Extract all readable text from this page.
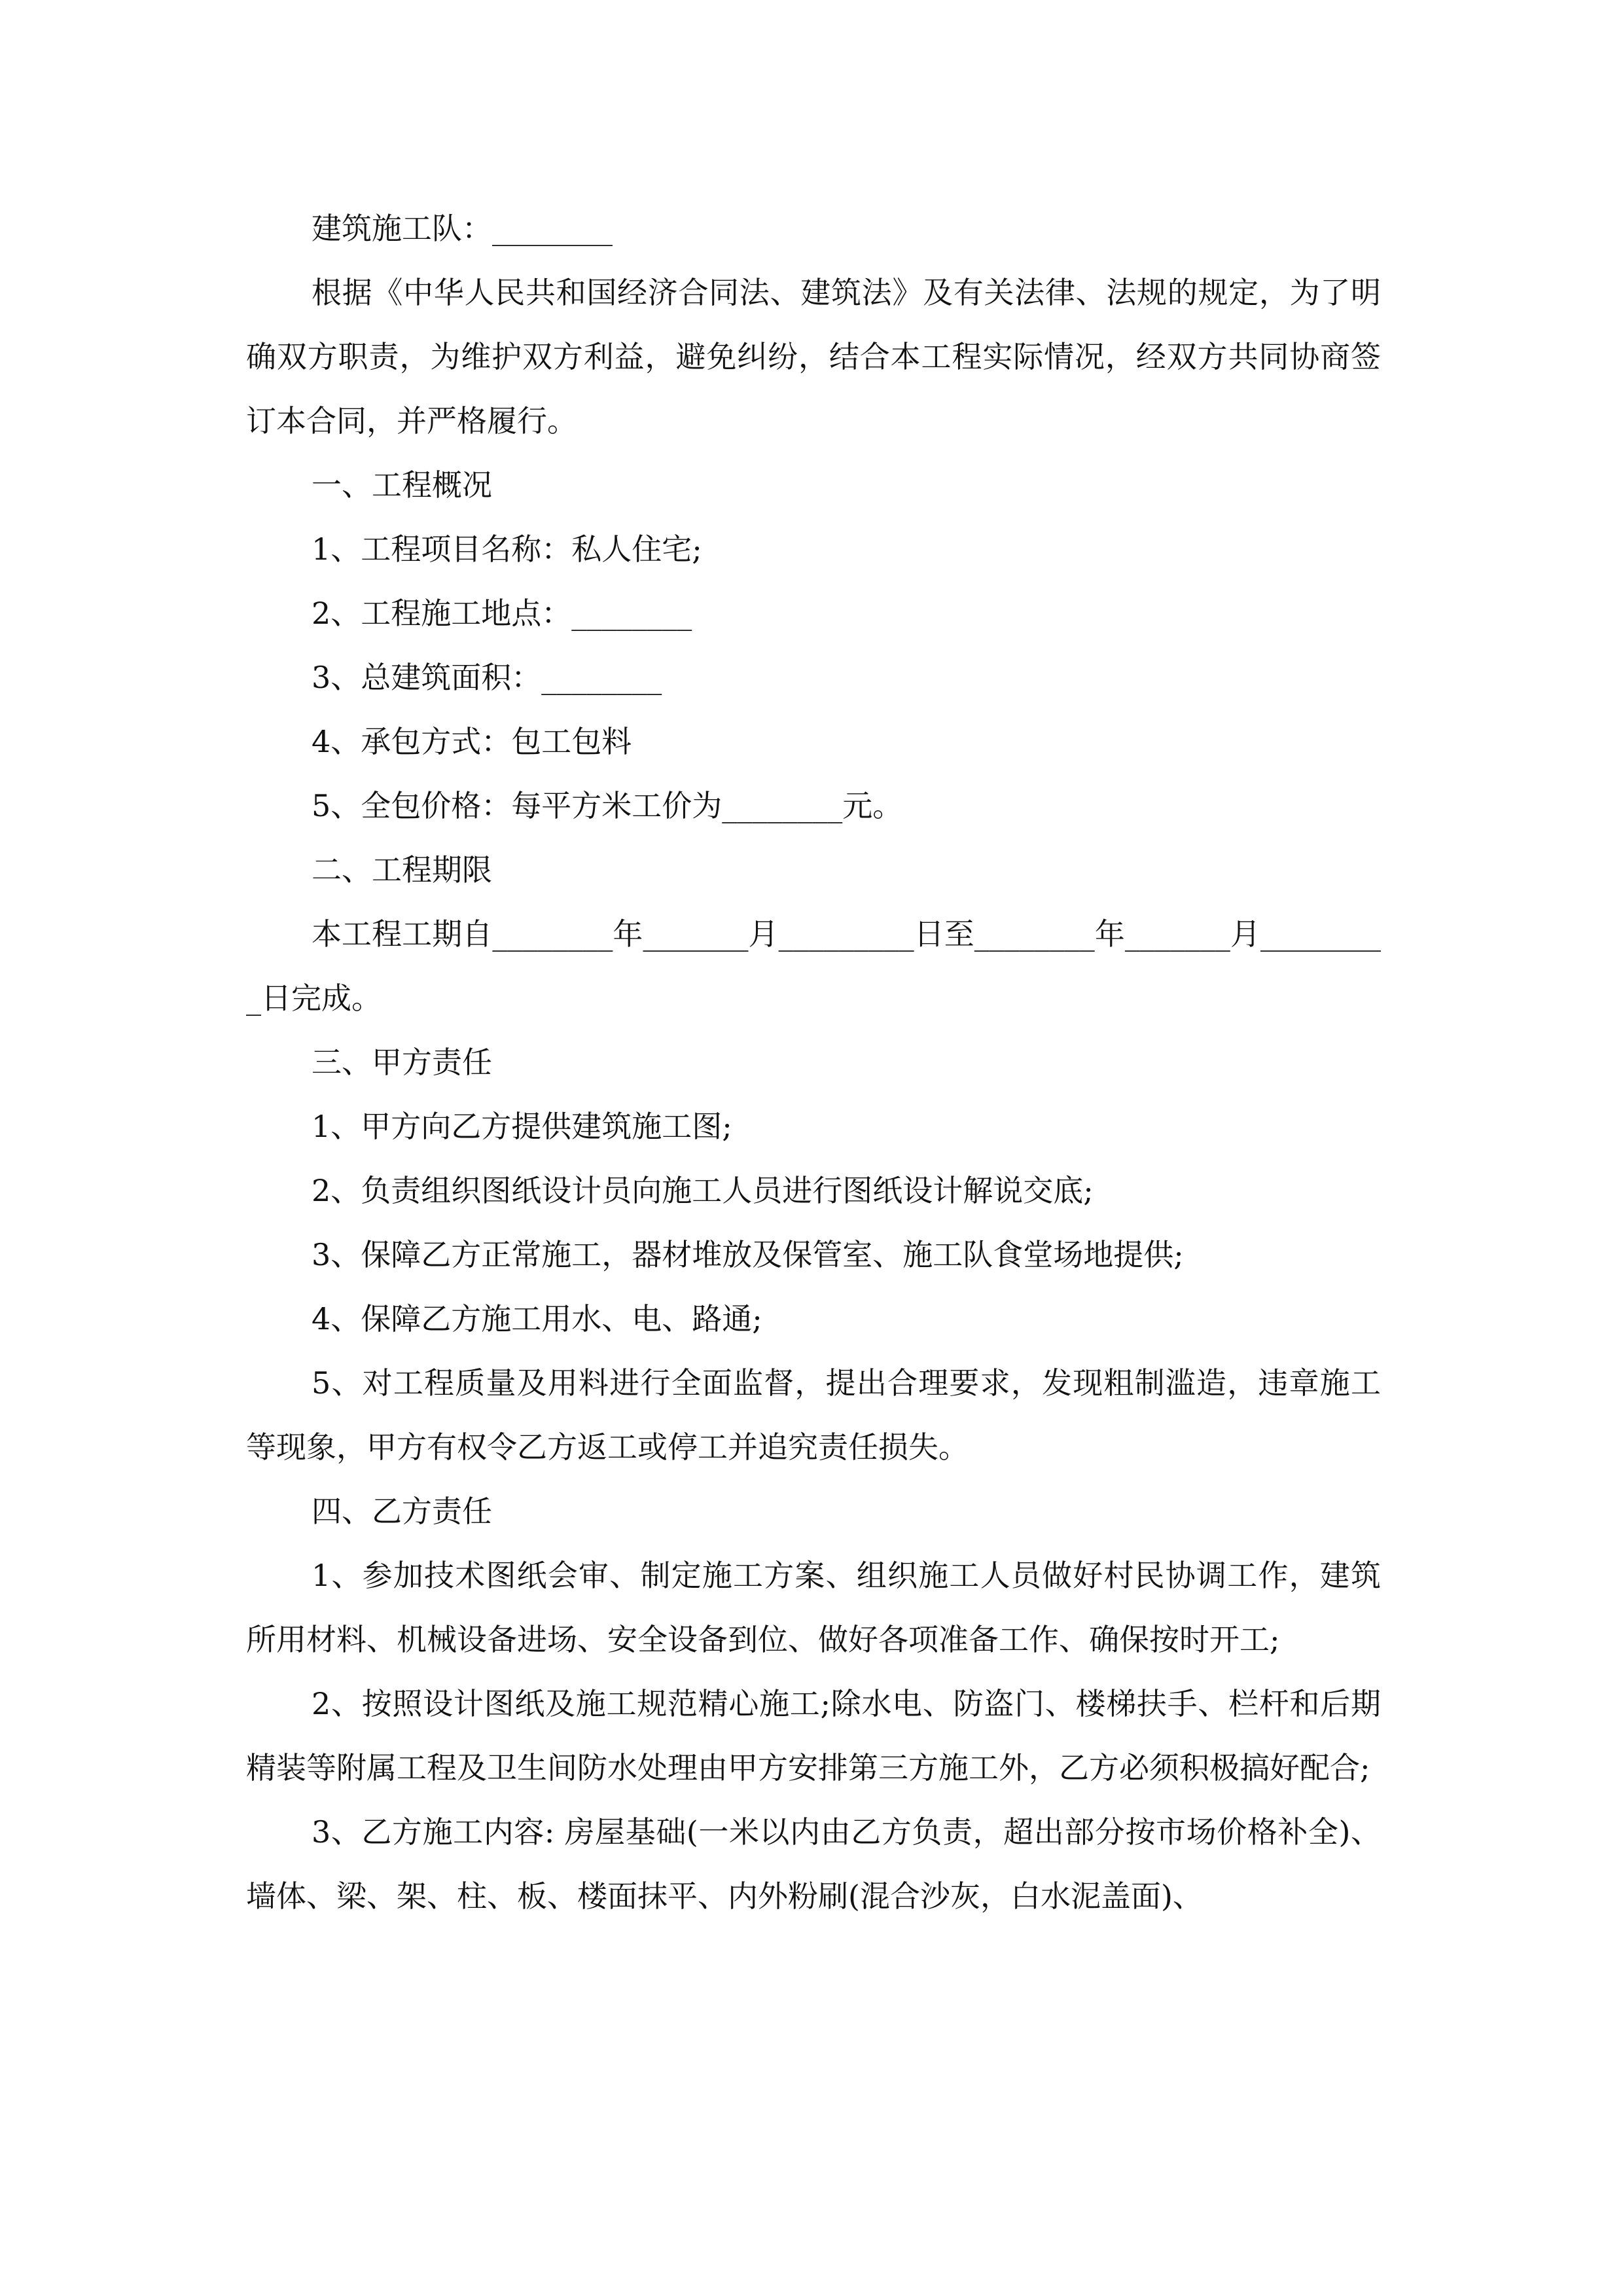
建筑施工队：________

根据《中华人民共和国经济合同法、建筑法》及有关法律、法规的规定，为了明确双方职责，为维护双方利益，避免纠纷，结合本工程实际情况，经双方共同协商签订本合同，并严格履行。

一、工程概况

1、工程项目名称：私人住宅;

2、工程施工地点：________

3、总建筑面积：________

4、承包方式：包工包料

5、全包价格：每平方米工价为________元。

二、工程期限

本工程工期自________年_______月_________日至________年_______月_________日完成。

三、甲方责任

1、甲方向乙方提供建筑施工图;

2、负责组织图纸设计员向施工人员进行图纸设计解说交底;

3、保障乙方正常施工，器材堆放及保管室、施工队食堂场地提供;

4、保障乙方施工用水、电、路通;

5、对工程质量及用料进行全面监督，提出合理要求，发现粗制滥造，违章施工等现象，甲方有权令乙方返工或停工并追究责任损失。

四、乙方责任

1、参加技术图纸会审、制定施工方案、组织施工人员做好村民协调工作，建筑所用材料、机械设备进场、安全设备到位、做好各项准备工作、确保按时开工;

2、按照设计图纸及施工规范精心施工;除水电、防盗门、楼梯扶手、栏杆和后期精装等附属工程及卫生间防水处理由甲方安排第三方施工外，乙方必须积极搞好配合;

3、乙方施工内容: 房屋基础(一米以内由乙方负责，超出部分按市场价格补全)、墙体、梁、架、柱、板、楼面抹平、内外粉刷(混合沙灰，白水泥盖面)、
